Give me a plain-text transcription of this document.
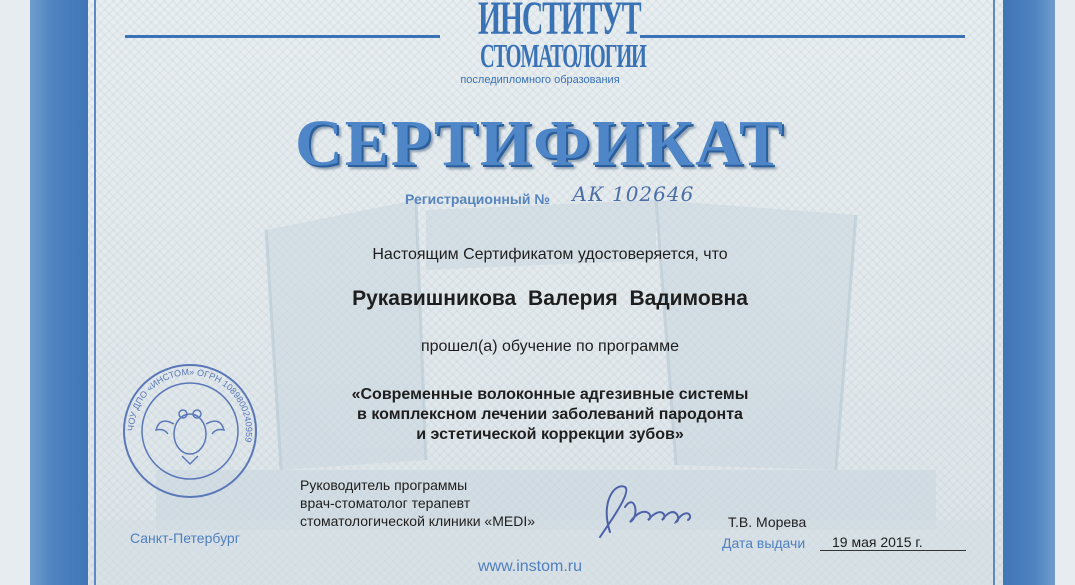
ИНСТИТУТ
СТОМАТОЛОГИИ
последипломного образования
СЕРТИФИКАТ
Регистрационный № АК 102646
Настоящим Сертификатом удостоверяется, что
Рукавишникова Валерия Вадимовна
прошел(а) обучение по программе
«Современные волоконные адгезивные системы
в комплексном лечении заболеваний пародонта
и эстетической коррекции зубов»
ЧОУ ДПО «ИНСТОМ» ОГРН 1089800240959
Санкт-Петербург
Руководитель программы
врач-стоматолог терапевт
стоматологической клиники «MEDI»	Т.В. Морева
Дата выдачи 19 мая 2015 г.
www.instom.ru
